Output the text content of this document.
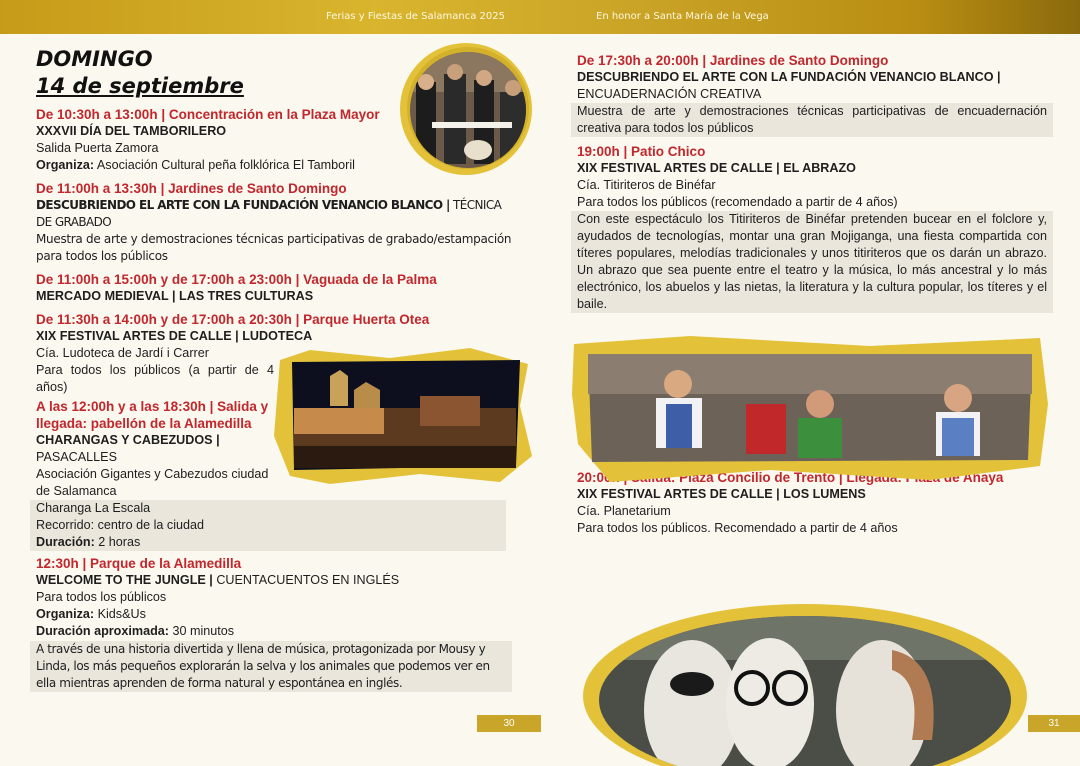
Ferias y Fiestas de Salamanca 2025	En honor a Santa María de la Vega
DOMINGO
14 de septiembre
De 10:30h a 13:00h | Concentración en la Plaza Mayor
XXXVII DÍA DEL TAMBORILERO
Salida Puerta Zamora
Organiza: Asociación Cultural peña folklórica El Tamboril
De 11:00h a 13:30h | Jardines de Santo Domingo
DESCUBRIENDO EL ARTE CON LA FUNDACIÓN VENANCIO BLANCO | TÉCNICA DE GRABADO
Muestra de arte y demostraciones técnicas participativas de grabado/estampación para todos los públicos
De 11:00h a 15:00h y de 17:00h a 23:00h | Vaguada de la Palma
MERCADO MEDIEVAL | LAS TRES CULTURAS
De 11:30h a 14:00h y de 17:00h a 20:30h | Parque Huerta Otea
XIX FESTIVAL ARTES DE CALLE | LUDOTECA
Cía. Ludoteca de Jardí i Carrer
Para todos los públicos (a partir de 4 años)
A las 12:00h y a las 18:30h | Salida y llegada: pabellón de la Alamedilla
CHARANGAS Y CABEZUDOS |
PASACALLES
Asociación Gigantes y Cabezudos ciudad de Salamanca
Charanga La Escala
Recorrido: centro de la ciudad
Duración: 2 horas
12:30h | Parque de la Alamedilla
WELCOME TO THE JUNGLE | CUENTACUENTOS EN INGLÉS
Para todos los públicos
Organiza: Kids&Us
Duración aproximada: 30 minutos
A través de una historia divertida y llena de música, protagonizada por Mousy y Linda, los más pequeños explorarán la selva y los animales que podemos ver en ella mientras aprenden de forma natural y espontánea en inglés.
30
De 17:30h a 20:00h | Jardines de Santo Domingo
DESCUBRIENDO EL ARTE CON LA FUNDACIÓN VENANCIO BLANCO |
ENCUADERNACIÓN CREATIVA
Muestra de arte y demostraciones técnicas participativas de encuadernación creativa para todos los públicos
19:00h | Patio Chico
XIX FESTIVAL ARTES DE CALLE | EL ABRAZO
Cía. Titiriteros de Binéfar
Para todos los públicos (recomendado a partir de 4 años)
Con este espectáculo los Titiriteros de Binéfar pretenden bucear en el folclore y, ayudados de tecnologías, montar una gran Mojiganga, una fiesta compartida con títeres populares, melodías tradicionales y unos titiriteros que os darán un abrazo. Un abrazo que sea puente entre el teatro y la música, lo más ancestral y lo más electrónico, los abuelos y las nietas, la literatura y la cultura popular, los títeres y el baile.
20:00h | Salida: Plaza Concilio de Trento | Llegada: Plaza de Anaya
XIX FESTIVAL ARTES DE CALLE | LOS LUMENS
Cía. Planetarium
Para todos los públicos. Recomendado a partir de 4 años
31
